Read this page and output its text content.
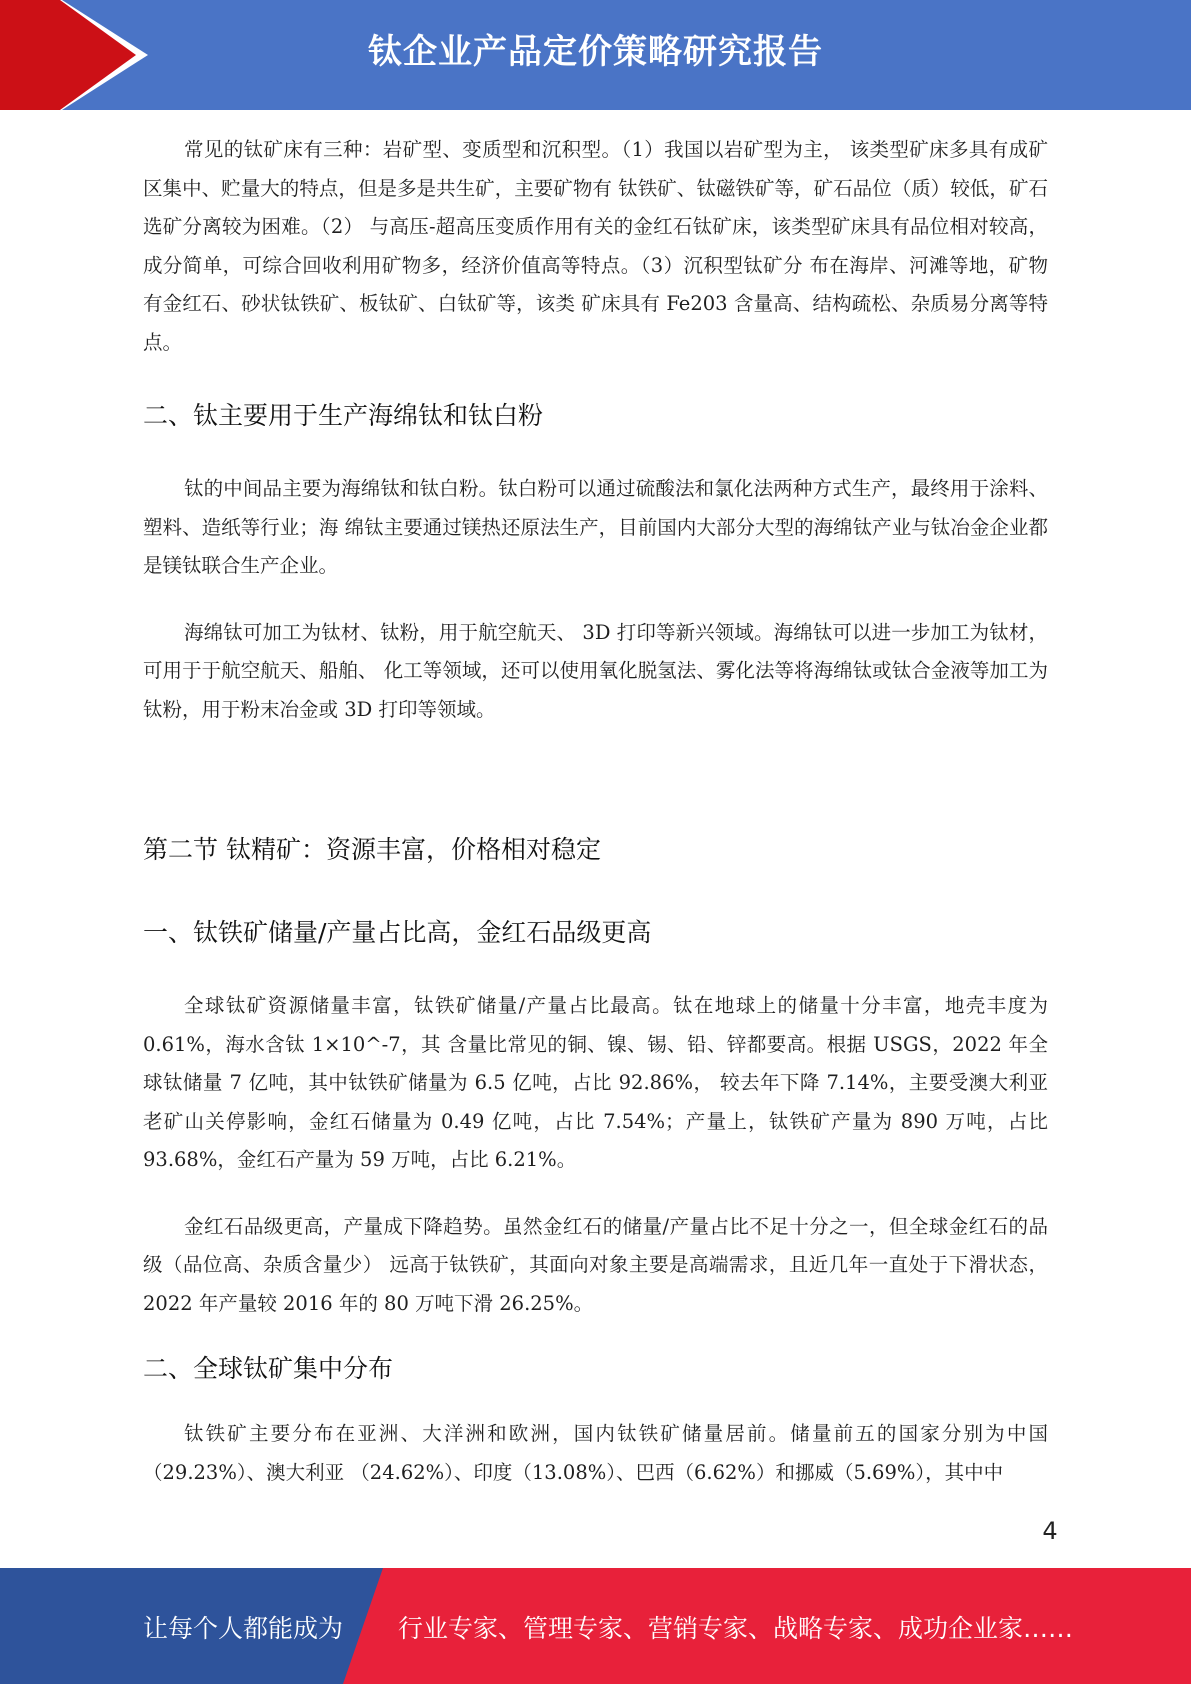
钛企业产品定价策略研究报告

常见的钛矿床有三种：岩矿型、变质型和沉积型。（1）我国以岩矿型为主， 该类型矿床多具有成矿区集中、贮量大的特点，但是多是共生矿，主要矿物有 钛铁矿、钛磁铁矿等，矿石品位（质）较低，矿石选矿分离较为困难。（2） 与高压-超高压变质作用有关的金红石钛矿床，该类型矿床具有品位相对较高， 成分简单，可综合回收利用矿物多，经济价值高等特点。（3）沉积型钛矿分 布在海岸、河滩等地，矿物有金红石、砂状钛铁矿、板钛矿、白钛矿等，该类 矿床具有 Fe203 含量高、结构疏松、杂质易分离等特点。

二、钛主要用于生产海绵钛和钛白粉

钛的中间品主要为海绵钛和钛白粉。钛白粉可以通过硫酸法和氯化法两种方式生产，最终用于涂料、塑料、造纸等行业；海 绵钛主要通过镁热还原法生产，目前国内大部分大型的海绵钛产业与钛冶金企业都是镁钛联合生产企业。

海绵钛可加工为钛材、钛粉，用于航空航天、 3D 打印等新兴领域。海绵钛可以进一步加工为钛材，可用于于航空航天、船舶、 化工等领域，还可以使用氧化脱氢法、雾化法等将海绵钛或钛合金液等加工为钛粉，用于粉末冶金或 3D 打印等领域。

第二节 钛精矿：资源丰富，价格相对稳定
一、钛铁矿储量/产量占比高，金红石品级更高

全球钛矿资源储量丰富，钛铁矿储量/产量占比最高。钛在地球上的储量十分丰富，地壳丰度为 0.61%，海水含钛 1×10^-7，其 含量比常见的铜、镍、锡、铅、锌都要高。根据 USGS，2022 年全球钛储量 7 亿吨，其中钛铁矿储量为 6.5 亿吨，占比 92.86%， 较去年下降 7.14%，主要受澳大利亚老矿山关停影响，金红石储量为 0.49 亿吨，占比 7.54%；产量上，钛铁矿产量为 890 万吨，占比 93.68%，金红石产量为 59 万吨，占比 6.21%。

金红石品级更高，产量成下降趋势。虽然金红石的储量/产量占比不足十分之一，但全球金红石的品级（品位高、杂质含量少） 远高于钛铁矿，其面向对象主要是高端需求，且近几年一直处于下滑状态，2022 年产量较 2016 年的 80 万吨下滑 26.25%。

二、全球钛矿集中分布

钛铁矿主要分布在亚洲、大洋洲和欧洲，国内钛铁矿储量居前。储量前五的国家分别为中国（29.23%）、澳大利亚 （24.62%）、印度（13.08%）、巴西（6.62%）和挪威（5.69%），其中中

4
让每个人都能成为 行业专家、管理专家、营销专家、战略专家、成功企业家……
